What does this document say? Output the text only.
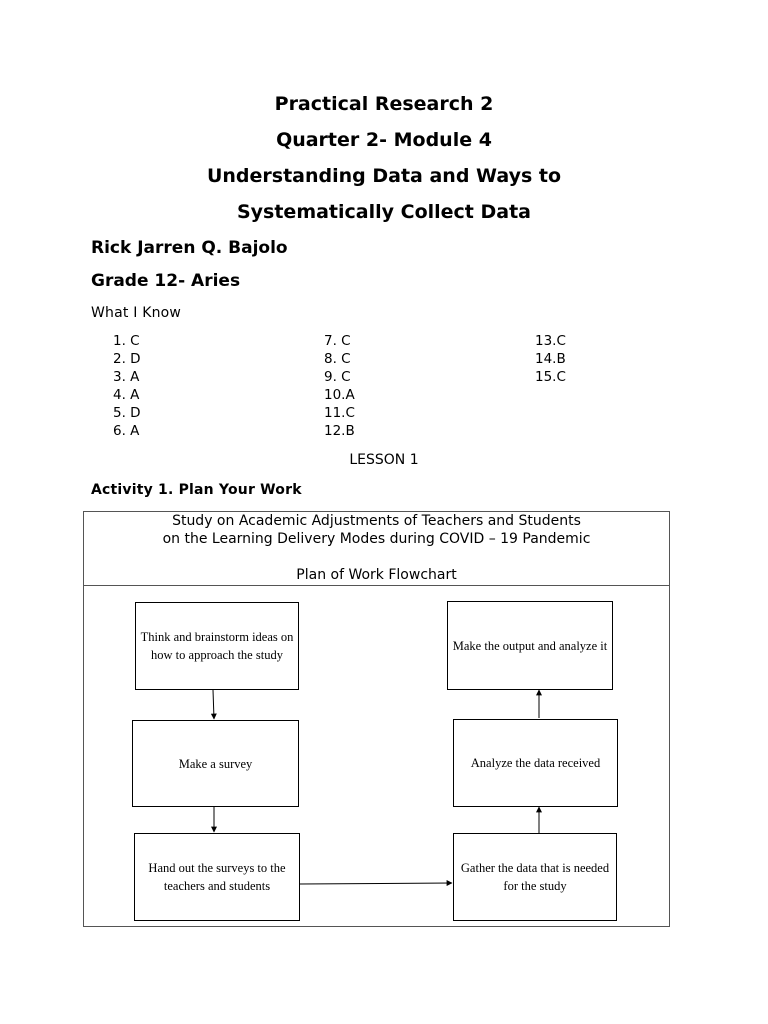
Practical Research 2
Quarter 2- Module 4
Understanding Data and Ways to
Systematically Collect Data
Rick Jarren Q. Bajolo
Grade 12- Aries
What I Know
1. C
2. D
3. A
4. A
5. D
6. A
7. C
8. C
9. C
10.A
11.C
12.B
13.C
14.B
15.C
LESSON 1
Activity 1. Plan Your Work
Study on Academic Adjustments of Teachers and Students
on the Learning Delivery Modes during COVID – 19 Pandemic
Plan of Work Flowchart
Think and brainstorm ideas on how to approach the study
Make a survey
Hand out the surveys to the teachers and students
Gather the data that is needed for the study
Analyze the data received
Make the output and analyze it
